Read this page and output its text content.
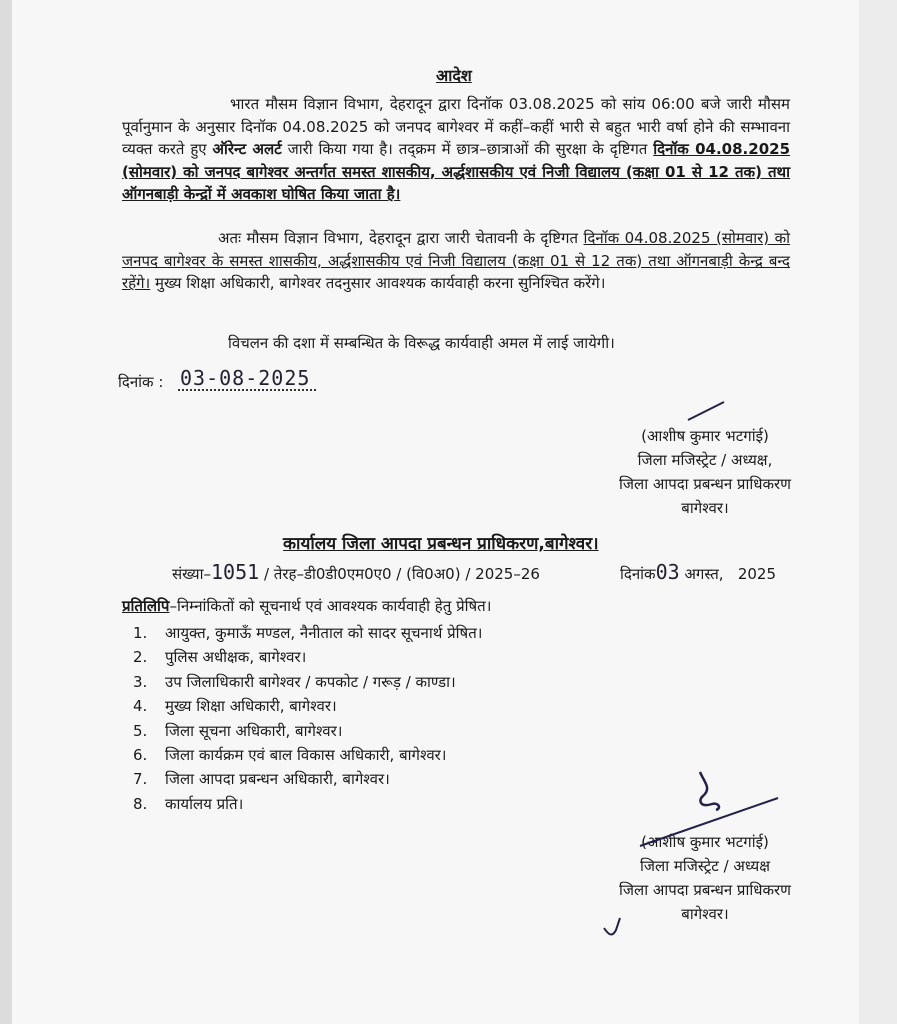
आदेश
भारत मौसम विज्ञान विभाग, देहरादून द्वारा दिनॉक 03.08.2025 को सांय 06:00 बजे जारी मौसम पूर्वानुमान के अनुसार दिनॉक 04.08.2025 को जनपद बागेश्वर में कहीं–कहीं भारी से बहुत भारी वर्षा होने की सम्भावना व्यक्त करते हुए ऑरेन्ट अलर्ट जारी किया गया है। तद्‌क्रम में छात्र–छात्राओं की सुरक्षा के दृष्टिगत दिनॉक 04.08.2025 (सोमवार) को जनपद बागेश्वर अन्तर्गत समस्त शासकीय, अर्द्धशासकीय एवं निजी विद्यालय (कक्षा 01 से 12 तक) तथा ऑगनबाड़ी केन्द्रों में अवकाश घोषित किया जाता है।
अतः मौसम विज्ञान विभाग, देहरादून द्वारा जारी चेतावनी के दृष्टिगत दिनॉक 04.08.2025 (सोमवार) को जनपद बागेश्वर के समस्त शासकीय, अर्द्धशासकीय एवं निजी विद्यालय (कक्षा 01 से 12 तक) तथा ऑगनबाड़ी केन्द्र बन्द रहेंगे। मुख्य शिक्षा अधिकारी, बागेश्वर तदनुसार आवश्यक कार्यवाही करना सुनिश्चित करेंगे।
विचलन की दशा में सम्बन्धित के विरूद्ध कार्यवाही अमल में लाई जायेगी।
दिनांक : 03-08-2025
(आशीष कुमार भटगांई)
जिला मजिस्ट्रेट / अध्यक्ष,
जिला आपदा प्रबन्धन प्राधिकरण
बागेश्वर।
कार्यालय जिला आपदा प्रबन्धन प्राधिकरण,बागेश्वर।
संख्या–1051 / तेरह–डी0डी0एम0ए0 / (वि0अ0) / 2025–26	दिनांक03 अगस्त,   2025
प्रतिलिपि–निम्नांकितों को सूचनार्थ एवं आवश्यक कार्यवाही हेतु प्रेषित।
1. आयुक्त, कुमाऊँ मण्डल, नैनीताल को सादर सूचनार्थ प्रेषित।
2. पुलिस अधीक्षक, बागेश्वर।
3. उप जिलाधिकारी बागेश्वर / कपकोट / गरूड़ / काण्डा।
4. मुख्य शिक्षा अधिकारी, बागेश्वर।
5. जिला सूचना अधिकारी, बागेश्वर।
6. जिला कार्यक्रम एवं बाल विकास अधिकारी, बागेश्वर।
7. जिला आपदा प्रबन्धन अधिकारी, बागेश्वर।
8. कार्यालय प्रति।
(आशीष कुमार भटगांई)
जिला मजिस्ट्रेट / अध्यक्ष
जिला आपदा प्रबन्धन प्राधिकरण
बागेश्वर।
